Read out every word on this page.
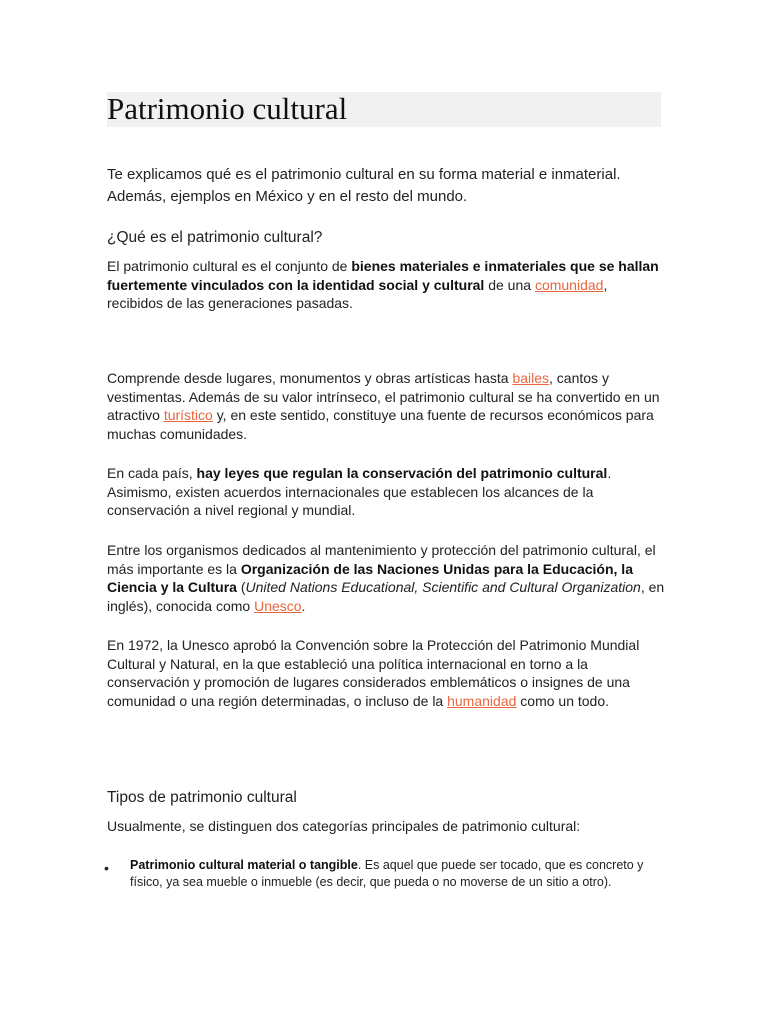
Patrimonio cultural

Te explicamos qué es el patrimonio cultural en su forma material e inmaterial. Además, ejemplos en México y en el resto del mundo.

¿Qué es el patrimonio cultural?

El patrimonio cultural es el conjunto de bienes materiales e inmateriales que se hallan fuertemente vinculados con la identidad social y cultural de una comunidad, recibidos de las generaciones pasadas.

Comprende desde lugares, monumentos y obras artísticas hasta bailes, cantos y vestimentas. Además de su valor intrínseco, el patrimonio cultural se ha convertido en un atractivo turístico y, en este sentido, constituye una fuente de recursos económicos para muchas comunidades.

En cada país, hay leyes que regulan la conservación del patrimonio cultural. Asimismo, existen acuerdos internacionales que establecen los alcances de la conservación a nivel regional y mundial.

Entre los organismos dedicados al mantenimiento y protección del patrimonio cultural, el más importante es la Organización de las Naciones Unidas para la Educación, la Ciencia y la Cultura (United Nations Educational, Scientific and Cultural Organization, en inglés), conocida como Unesco.

En 1972, la Unesco aprobó la Convención sobre la Protección del Patrimonio Mundial Cultural y Natural, en la que estableció una política internacional en torno a la conservación y promoción de lugares considerados emblemáticos o insignes de una comunidad o una región determinadas, o incluso de la humanidad como un todo.

Tipos de patrimonio cultural

Usualmente, se distinguen dos categorías principales de patrimonio cultural:

• Patrimonio cultural material o tangible. Es aquel que puede ser tocado, que es concreto y físico, ya sea mueble o inmueble (es decir, que pueda o no moverse de un sitio a otro).
